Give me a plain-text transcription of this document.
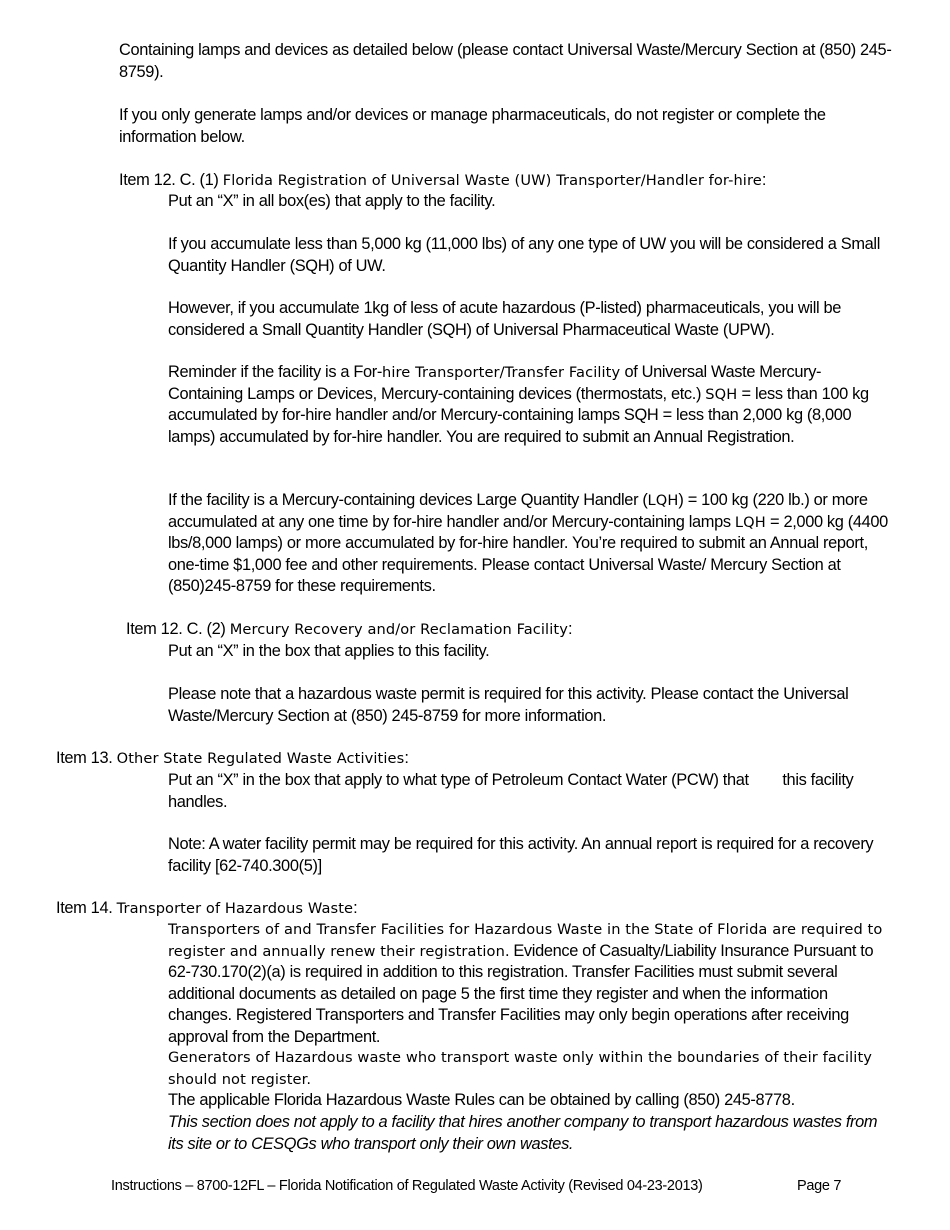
Containing lamps and devices as detailed below (please contact Universal Waste/Mercury Section at (850) 245-8759).

If you only generate lamps and/or devices or manage pharmaceuticals, do not register or complete the information below.

Item 12. C. (1) Florida Registration of Universal Waste (UW) Transporter/Handler for-hire:

Put an “X” in all box(es) that apply to the facility.

If you accumulate less than 5,000 kg (11,000 lbs) of any one type of UW you will be considered a Small Quantity Handler (SQH) of UW.

However, if you accumulate 1kg of less of acute hazardous (P-listed) pharmaceuticals, you will be considered a Small Quantity Handler (SQH) of Universal Pharmaceutical Waste (UPW).

Reminder if the facility is a For-hire Transporter/Transfer Facility of Universal Waste Mercury-Containing Lamps or Devices, Mercury-containing devices (thermostats, etc.) SQH = less than 100 kg accumulated by for-hire handler and/or Mercury-containing lamps SQH = less than 2,000 kg (8,000 lamps) accumulated by for-hire handler. You are required to submit an Annual Registration.

If the facility is a Mercury-containing devices Large Quantity Handler (LQH) = 100 kg (220 lb.) or more accumulated at any one time by for-hire handler and/or Mercury-containing lamps LQH = 2,000 kg (4400 lbs/8,000 lamps) or more accumulated by for-hire handler. You’re required to submit an Annual report, one-time $1,000 fee and other requirements. Please contact Universal Waste/ Mercury Section at (850)245-8759 for these requirements.

Item 12. C. (2) Mercury Recovery and/or Reclamation Facility:

Put an “X” in the box that applies to this facility.

Please note that a hazardous waste permit is required for this activity. Please contact the Universal Waste/Mercury Section at (850) 245-8759 for more information.

Item 13. Other State Regulated Waste Activities:

Put an “X” in the box that apply to what type of Petroleum Contact Water (PCW) that        this facility handles.

Note: A water facility permit may be required for this activity. An annual report is required for a recovery facility [62-740.300(5)]

Item 14. Transporter of Hazardous Waste:

Transporters of and Transfer Facilities for Hazardous Waste in the State of Florida are required to register and annually renew their registration. Evidence of Casualty/Liability Insurance Pursuant to 62-730.170(2)(a) is required in addition to this registration. Transfer Facilities must submit several additional documents as detailed on page 5 the first time they register and when the information changes. Registered Transporters and Transfer Facilities may only begin operations after receiving approval from the Department.

Generators of Hazardous waste who transport waste only within the boundaries of their facility should not register.

The applicable Florida Hazardous Waste Rules can be obtained by calling (850) 245-8778.

This section does not apply to a facility that hires another company to transport hazardous wastes from its site or to CESQGs who transport only their own wastes.

Instructions – 8700-12FL – Florida Notification of Regulated Waste Activity (Revised 04-23-2013)	Page 7
